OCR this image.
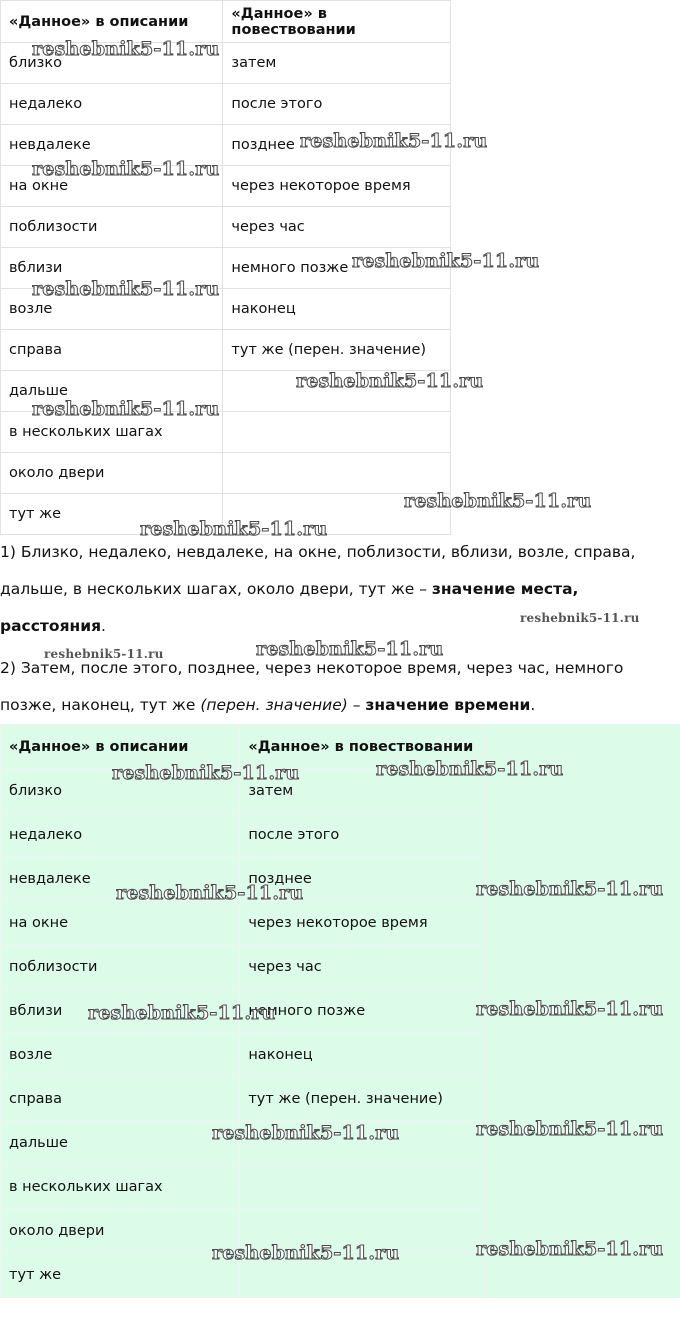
«Данное» в описании	«Данное» в повествовании
близко	затем
недалеко	после этого
невдалеке	позднее
на окне	через некоторое время
поблизости	через час
вблизи	немного позже
возле	наконец
справа	тут же (перен. значение)
дальше	
в нескольких шагах	
около двери	
тут же	
1) Близко, недалеко, невдалеке, на окне, поблизости, вблизи, возле, справа, дальше, в нескольких шагах, около двери, тут же – значение места, расстояния.
2) Затем, после этого, позднее, через некоторое время, через час, немного позже, наконец, тут же (перен. значение) – значение времени.
«Данное» в описании	«Данное» в повествовании
близко	затем
недалеко	после этого
невдалеке	позднее
на окне	через некоторое время
поблизости	через час
вблизи	немного позже
возле	наконец
справа	тут же (перен. значение)
дальше	
в нескольких шагах	
около двери	
тут же	
reshebnik5-11.ru
reshebnik5-11.ru
reshebnik5-11.ru
reshebnik5-11.ru
reshebnik5-11.ru
reshebnik5-11.ru
reshebnik5-11.ru
reshebnik5-11.ru
reshebnik5-11.ru
reshebnik5-11.ru
reshebnik5-11.ru	reshebnik5-11.ru
reshebnik5-11.ru	reshebnik5-11.ru
reshebnik5-11.ru
reshebnik5-11.ru
reshebnik5-11.ru
reshebnik5-11.ru
reshebnik5-11.ru	reshebnik5-11.ru
reshebnik5-11.ru	reshebnik5-11.ru
